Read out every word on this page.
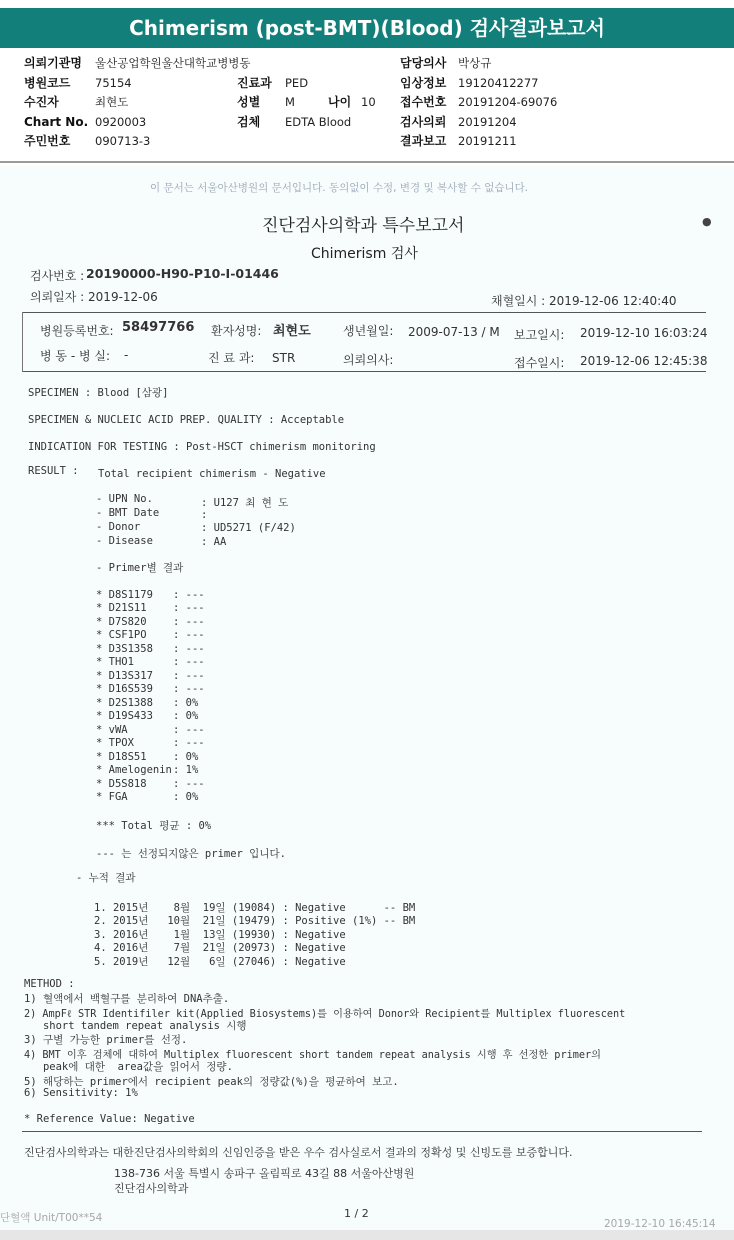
Chimerism (post-BMT)(Blood) 검사결과보고서
의뢰기관명 울산공업학원울산대학교병병동	담당의사 박상규
병원코드 75154	진료과 PED	임상정보 19120412277
수진자	최현도	성별 M	나이 10 접수번호 20191204-69076
Chart No. 0920003	검체 EDTA Blood	검사의뢰 20191204
주민번호 090713-3	결과보고 20191211
이 문서는 서울아산병원의 문서입니다. 동의없이 수정, 변경 및 복사할 수 없습니다.
진단검사의학과 특수보고서	●
Chimerism 검사
검사번호 : 20190000-H90-P10-I-01446
의뢰일자 : 2019-12-06	채혈일시 : 2019-12-06 12:40:40
병원등록번호: 58497766 환자성명: 최현도	생년월일: 2009-07-13 / M 보고일시: 2019-12-10 16:03:24
병 동 - 병 실: -	진 료 과: STR	의뢰의사:	접수일시: 2019-12-06 12:45:38
SPECIMEN : Blood [삼광]
SPECIMEN & NUCLEIC ACID PREP. QUALITY : Acceptable
INDICATION FOR TESTING : Post-HSCT chimerism monitoring
RESULT : Total recipient chimerism - Negative
- UPN No.	: U127 최 현 도
- BMT Date	:
- Donor	: UD5271 (F/42)
- Disease	: AA
- Primer별 결과
* D8S1179 : ---
* D21S11	: ---
* D7S820	: ---
* CSF1PO	: ---
* D3S1358 : ---
* THO1	: ---
* D13S317 : ---
* D16S539 : ---
* D2S1388 : 0%
* D19S433 : 0%
* vWA	: ---
* TPOX	: ---
* D18S51	: 0%
* Amelogenin : 1%
* D5S818	: ---
* FGA	: 0%
*** Total 평균 : 0%
--- 는 선정되지않은 primer 입니다.
- 누적 결과
1. 2015년    8월  19일 (19084) : Negative      -- BM
2. 2015년   10월  21일 (19479) : Positive (1%) -- BM
3. 2016년    1월  13일 (19930) : Negative
4. 2016년    7월  21일 (20973) : Negative
5. 2019년   12월   6일 (27046) : Negative
METHOD :
1) 혈액에서 백혈구를 분리하여 DNA추출.
2) AmpFℓ STR Identifiler kit(Applied Biosystems)를 이용하여 Donor와 Recipient를 Multiplex fluorescent
short tandem repeat analysis 시행
3) 구별 가능한 primer를 선정.
4) BMT 이후 검체에 대하여 Multiplex fluorescent short tandem repeat analysis 시행 후 선정한 primer의
peak에 대한  area값을 읽어서 정량.
5) 해당하는 primer에서 recipient peak의 정량값(%)을 평균하여 보고.
6) Sensitivity: 1%
* Reference Value: Negative
진단검사의학과는 대한진단검사의학회의 신임인증을 받은 우수 검사실로서 결과의 정확성 및 신빙도를 보증합니다.
138-736 서울 특별시 송파구 올림픽로 43길 88 서울아산병원
진단검사의학과
단혈액 Unit/T00**54	1 / 2
2019-12-10 16:45:14
